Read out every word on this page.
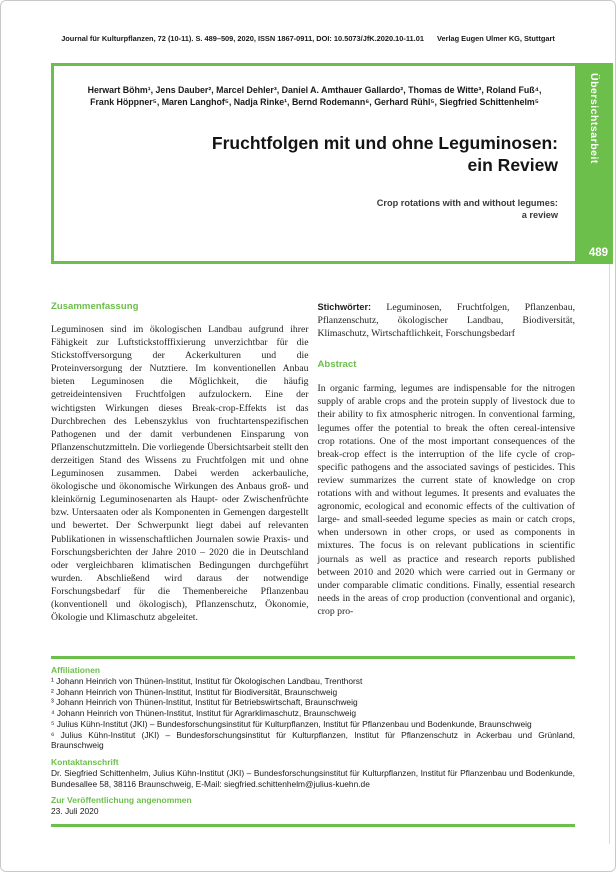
Journal für Kulturpflanzen, 72 (10-11). S. 489–509, 2020, ISSN 1867-0911, DOI: 10.5073/JfK.2020.10-11.01 Verlag Eugen Ulmer KG, Stuttgart
Herwart Böhm¹, Jens Dauber², Marcel Dehler³, Daniel A. Amthauer Gallardo², Thomas de Witte³, Roland Fuß⁴,
Frank Höppner⁵, Maren Langhof⁵, Nadja Rinke¹, Bernd Rodemann⁶, Gerhard Rühl⁵, Siegfried Schittenhelm⁵
Fruchtfolgen mit und ohne Leguminosen:
ein Review
Crop rotations with and without legumes:
a review
Übersichtsarbeit
489
Zusammenfassung
Leguminosen sind im ökologischen Landbau aufgrund ihrer Fähigkeit zur Luftstickstofffixierung unverzichtbar für die Stickstoffversorgung der Ackerkulturen und die Proteinversorgung der Nutztiere. Im konventionellen Anbau bieten Leguminosen die Möglichkeit, die häufig getreideintensiven Fruchtfolgen aufzulockern. Eine der wichtigsten Wirkungen dieses Break-crop-Effekts ist das Durchbrechen des Lebenszyklus von fruchtartenspezifischen Pathogenen und der damit verbundenen Einsparung von Pflanzenschutzmitteln. Die vorliegende Übersichtsarbeit stellt den derzeitigen Stand des Wissens zu Fruchtfolgen mit und ohne Leguminosen zusammen. Dabei werden ackerbauliche, ökologische und ökonomische Wirkungen des Anbaus groß- und kleinkörnig Leguminosenarten als Haupt- oder Zwischenfrüchte bzw. Untersaaten oder als Komponenten in Gemengen dargestellt und bewertet. Der Schwerpunkt liegt dabei auf relevanten Publikationen in wissenschaftlichen Journalen sowie Praxis- und Forschungsberichten der Jahre 2010 – 2020 die in Deutschland oder vergleichbaren klimatischen Bedingungen durchgeführt wurden. Abschließend wird daraus der notwendige Forschungsbedarf für die Themenbereiche Pflanzenbau (konventionell und ökologisch), Pflanzenschutz, Ökonomie, Ökologie und Klimaschutz abgeleitet.
Stichwörter: Leguminosen, Fruchtfolgen, Pflanzenbau, Pflanzenschutz, ökologischer Landbau, Biodiversität, Klimaschutz, Wirtschaftlichkeit, Forschungsbedarf
Abstract
In organic farming, legumes are indispensable for the nitrogen supply of arable crops and the protein supply of livestock due to their ability to fix atmospheric nitrogen. In conventional farming, legumes offer the potential to break the often cereal-intensive crop rotations. One of the most important consequences of the break-crop effect is the interruption of the life cycle of crop-specific pathogens and the associated savings of pesticides. This review summarizes the current state of knowledge on crop rotations with and without legumes. It presents and evaluates the agronomic, ecological and economic effects of the cultivation of large- and small-seeded legume species as main or catch crops, when undersown in other crops, or used as components in mixtures. The focus is on relevant publications in scientific journals as well as practice and research reports published between 2010 and 2020 which were carried out in Germany or under comparable climatic conditions. Finally, essential research needs in the areas of crop production (conventional and organic), crop pro-
Affiliationen
¹ Johann Heinrich von Thünen-Institut, Institut für Ökologischen Landbau, Trenthorst
² Johann Heinrich von Thünen-Institut, Institut für Biodiversität, Braunschweig
³ Johann Heinrich von Thünen-Institut, Institut für Betriebswirtschaft, Braunschweig
⁴ Johann Heinrich von Thünen-Institut, Institut für Agrarklimaschutz, Braunschweig
⁵ Julius Kühn-Institut (JKI) – Bundesforschungsinstitut für Kulturpflanzen, Institut für Pflanzenbau und Bodenkunde, Braunschweig
⁶ Julius Kühn-Institut (JKI) – Bundesforschungsinstitut für Kulturpflanzen, Institut für Pflanzenschutz in Ackerbau und Grünland, Braunschweig
Kontaktanschrift
Dr. Siegfried Schittenhelm, Julius Kühn-Institut (JKI) – Bundesforschungsinstitut für Kulturpflanzen, Institut für Pflanzenbau und Bodenkunde, Bundesallee 58, 38116 Braunschweig, E-Mail: siegfried.schittenhelm@julius-kuehn.de
Zur Veröffentlichung angenommen
23. Juli 2020
